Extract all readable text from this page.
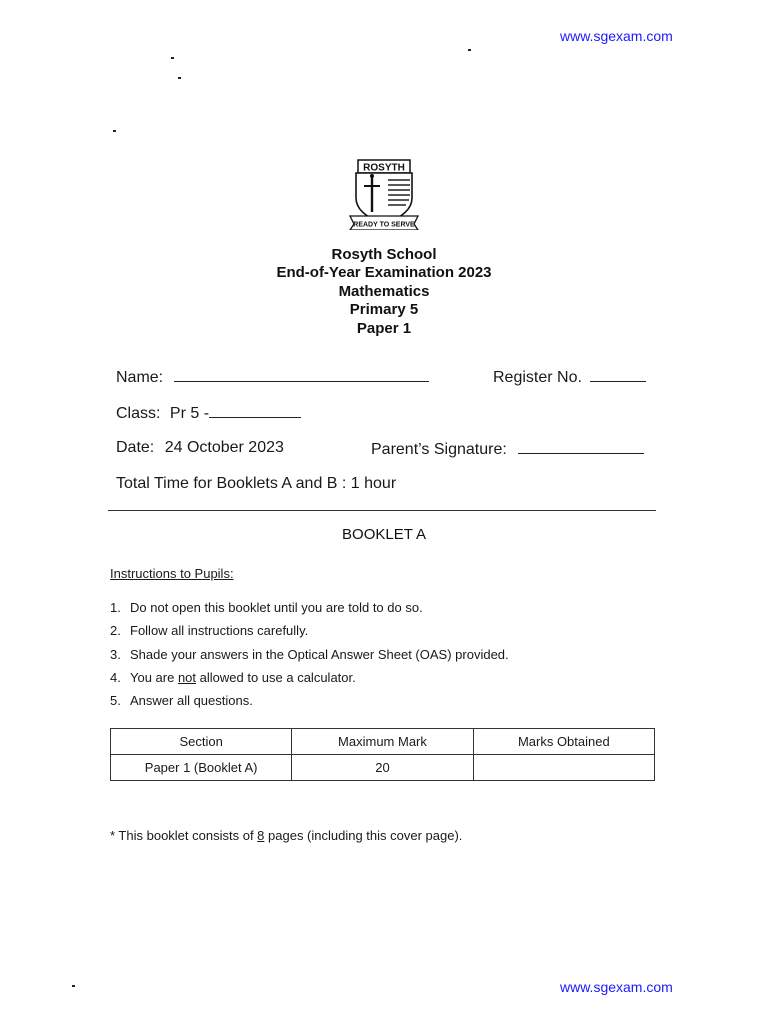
www.sgexam.com
www.sgexam.com
ROSYTH
READY TO SERVE
Rosyth School
End-of-Year Examination 2023
Mathematics
Primary 5
Paper 1
Name:	Register No.
Class: Pr 5 -
Date: 24 October 2023	Parent’s Signature:
Total Time for Booklets A and B : 1 hour
BOOKLET A
Instructions to Pupils:
1. Do not open this booklet until you are told to do so.
2. Follow all instructions carefully.
3. Shade your answers in the Optical Answer Sheet (OAS) provided.
4. You are not allowed to use a calculator.
5. Answer all questions.
Section	Maximum Mark	Marks Obtained
Paper 1 (Booklet A)	20	
* This booklet consists of 8 pages (including this cover page).
